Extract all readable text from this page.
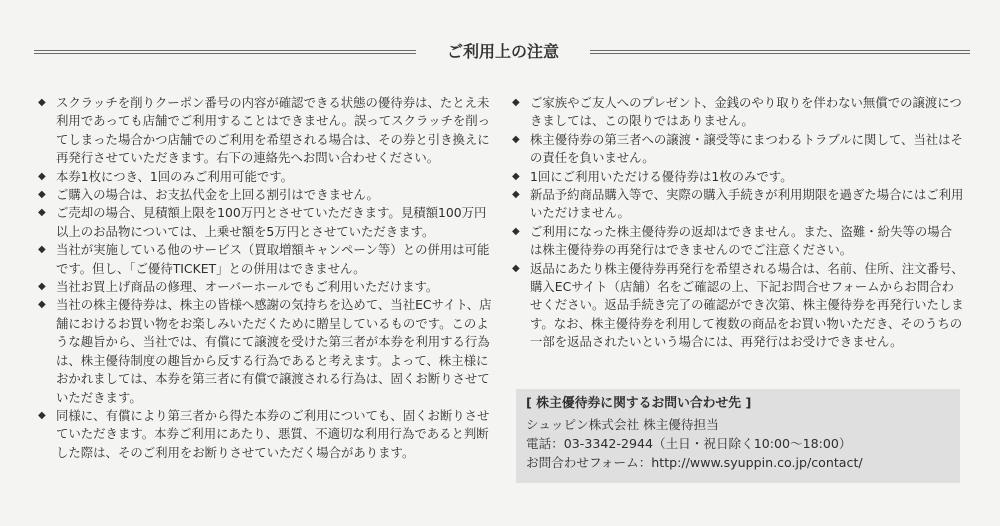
ご利用上の注意

◆ スクラッチを削りクーポン番号の内容が確認できる状態の優待券は、たとえ未利用であっても店舗でご利用することはできません。誤ってスクラッチを削ってしまった場合かつ店舗でのご利用を希望される場合は、その券と引き換えに再発行させていただきます。右下の連絡先へお問い合わせください。

◆ 本券1枚につき、1回のみご利用可能です。

◆ ご購入の場合は、お支払代金を上回る割引はできません。

◆ ご売却の場合、見積額上限を100万円とさせていただきます。見積額100万円以上のお品物については、上乗せ額を5万円とさせていただきます。

◆ 当社が実施している他のサービス（買取増額キャンペーン等）との併用は可能です。但し、「ご優待TICKET」との併用はできません。

◆ 当社お買上げ商品の修理、オーバーホールでもご利用いただけます。

◆ 当社の株主優待券は、株主の皆様へ感謝の気持ちを込めて、当社ECサイト、店舗におけるお買い物をお楽しみいただくために贈呈しているものです。このような趣旨から、当社では、有償にて譲渡を受けた第三者が本券を利用する行為は、株主優待制度の趣旨から反する行為であると考えます。よって、株主様におかれましては、本券を第三者に有償で譲渡される行為は、固くお断りさせていただきます。

◆ 同様に、有償により第三者から得た本券のご利用についても、固くお断りさせていただきます。本券ご利用にあたり、悪質、不適切な利用行為であると判断した際は、そのご利用をお断りさせていただく場合があります。

◆ ご家族やご友人へのプレゼント、金銭のやり取りを伴わない無償での譲渡につきましては、この限りではありません。

◆ 株主優待券の第三者への譲渡・譲受等にまつわるトラブルに関して、当社はその責任を負いません。

◆ 1回にご利用いただける優待券は1枚のみです。

◆ 新品予約商品購入等で、実際の購入手続きが利用期限を過ぎた場合にはご利用いただけません。

◆ ご利用になった株主優待券の返却はできません。また、盗難・紛失等の場合は株主優待券の再発行はできませんのでご注意ください。

◆ 返品にあたり株主優待券再発行を希望される場合は、名前、住所、注文番号、購入ECサイト（店舗）名をご確認の上、下記お問合せフォームからお問合わせください。返品手続き完了の確認ができ次第、株主優待券を再発行いたします。なお、株主優待券を利用して複数の商品をお買い物いただき、そのうちの一部を返品されたいという場合には、再発行はお受けできません。

[ 株主優待券に関するお問い合わせ先 ]
シュッピン株式会社 株主優待担当
電話：03-3342-2944（土日・祝日除く10:00～18:00）
お問合わせフォーム：http://www.syuppin.co.jp/contact/
